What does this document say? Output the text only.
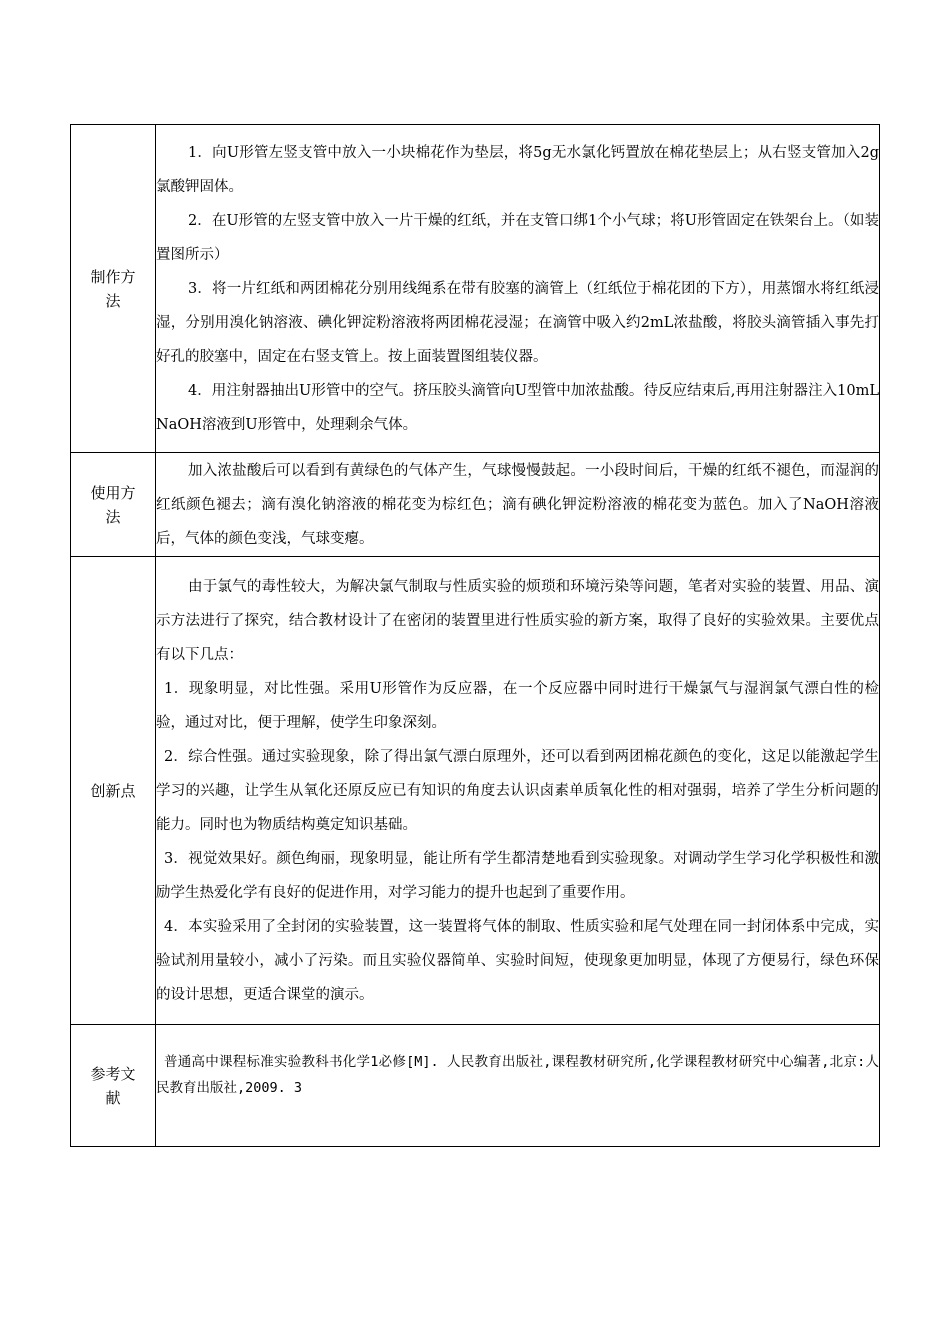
制作方法	1．向U形管左竖支管中放入一小块棉花作为垫层，将5g无水氯化钙置放在棉花垫层上；从右竖支管加入2g氯酸钾固体。

2．在U形管的左竖支管中放入一片干燥的红纸，并在支管口绑1个小气球；将U形管固定在铁架台上。（如装置图所示）

3．将一片红纸和两团棉花分别用线绳系在带有胶塞的滴管上（红纸位于棉花团的下方），用蒸馏水将红纸浸湿，分别用溴化钠溶液、碘化钾淀粉溶液将两团棉花浸湿；在滴管中吸入约2mL浓盐酸，将胶头滴管插入事先打好孔的胶塞中，固定在右竖支管上。按上面装置图组装仪器。

4．用注射器抽出U形管中的空气。挤压胶头滴管向U型管中加浓盐酸。待反应结束后,再用注射器注入10mL　NaOH溶液到U形管中，处理剩余气体。

使用方法	加入浓盐酸后可以看到有黄绿色的气体产生，气球慢慢鼓起。一小段时间后，干燥的红纸不褪色，而湿润的红纸颜色褪去；滴有溴化钠溶液的棉花变为棕红色；滴有碘化钾淀粉溶液的棉花变为蓝色。加入了NaOH溶液后，气体的颜色变浅，气球变瘪。

创新点	由于氯气的毒性较大，为解决氯气制取与性质实验的烦琐和环境污染等问题，笔者对实验的装置、用品、演示方法进行了探究，结合教材设计了在密闭的装置里进行性质实验的新方案，取得了良好的实验效果。主要优点有以下几点：

1．现象明显，对比性强。采用U形管作为反应器，在一个反应器中同时进行干燥氯气与湿润氯气漂白性的检验，通过对比，便于理解，使学生印象深刻。

2．综合性强。通过实验现象，除了得出氯气漂白原理外，还可以看到两团棉花颜色的变化，这足以能激起学生学习的兴趣，让学生从氧化还原反应已有知识的角度去认识卤素单质氧化性的相对强弱，培养了学生分析问题的能力。同时也为物质结构奠定知识基础。

3．视觉效果好。颜色绚丽，现象明显，能让所有学生都清楚地看到实验现象。对调动学生学习化学积极性和激励学生热爱化学有良好的促进作用，对学习能力的提升也起到了重要作用。

4．本实验采用了全封闭的实验装置，这一装置将气体的制取、性质实验和尾气处理在同一封闭体系中完成，实验试剂用量较小，减小了污染。而且实验仪器简单、实验时间短，使现象更加明显，体现了方便易行，绿色环保的设计思想，更适合课堂的演示。

参考文献	普通高中课程标准实验教科书化学1必修[M]. 人民教育出版社,课程教材研究所,化学课程教材研究中心编著,北京:人民教育出版社,2009. 3
